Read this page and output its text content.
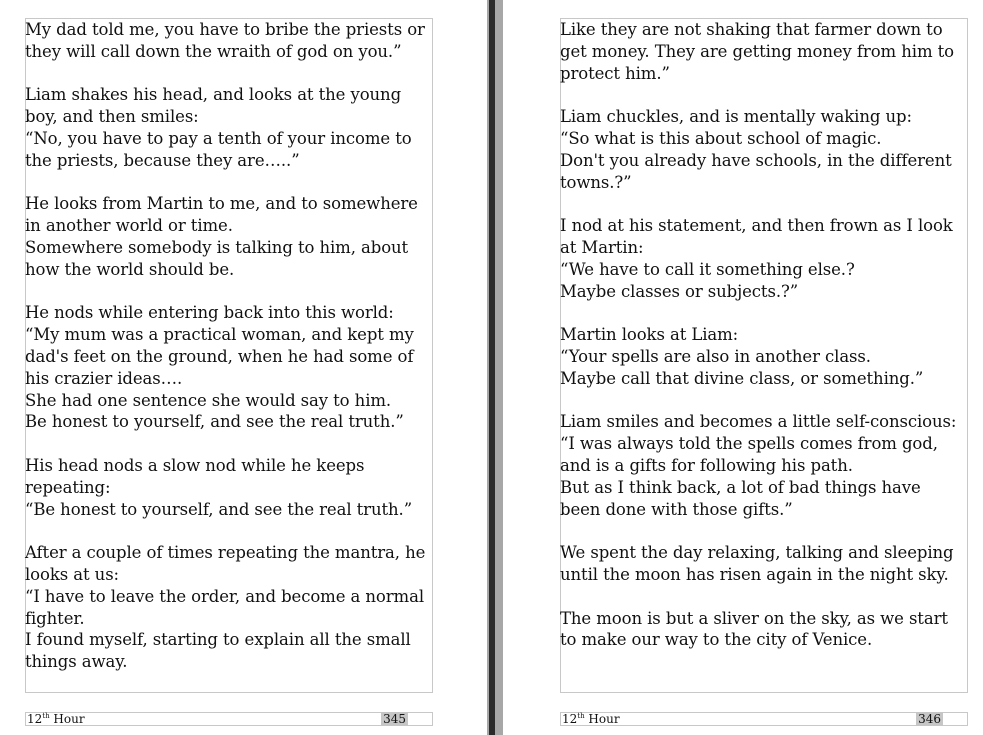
My dad told me, you have to bribe the priests or
they will call down the wraith of god on you.”

Liam shakes his head, and looks at the young
boy, and then smiles:
“No, you have to pay a tenth of your income to
the priests, because they are…..”

He looks from Martin to me, and to somewhere
in another world or time.
Somewhere somebody is talking to him, about
how the world should be.

He nods while entering back into this world:
“My mum was a practical woman, and kept my
dad's feet on the ground, when he had some of
his crazier ideas….
She had one sentence she would say to him.
Be honest to yourself, and see the real truth.”

His head nods a slow nod while he keeps
repeating:
“Be honest to yourself, and see the real truth.”

After a couple of times repeating the mantra, he
looks at us:
“I have to leave the order, and become a normal
fighter.
I found myself, starting to explain all the small
things away.
12th Hour	345
Like they are not shaking that farmer down to
get money. They are getting money from him to
protect him.”

Liam chuckles, and is mentally waking up:
“So what is this about school of magic.
Don't you already have schools, in the different
towns.?”

I nod at his statement, and then frown as I look
at Martin:
“We have to call it something else.?
Maybe classes or subjects.?”

Martin looks at Liam:
“Your spells are also in another class.
Maybe call that divine class, or something.”

Liam smiles and becomes a little self-conscious:
“I was always told the spells comes from god,
and is a gifts for following his path.
But as I think back, a lot of bad things have
been done with those gifts.”

We spent the day relaxing, talking and sleeping
until the moon has risen again in the night sky.

The moon is but a sliver on the sky, as we start
to make our way to the city of Venice.
12th Hour	346
